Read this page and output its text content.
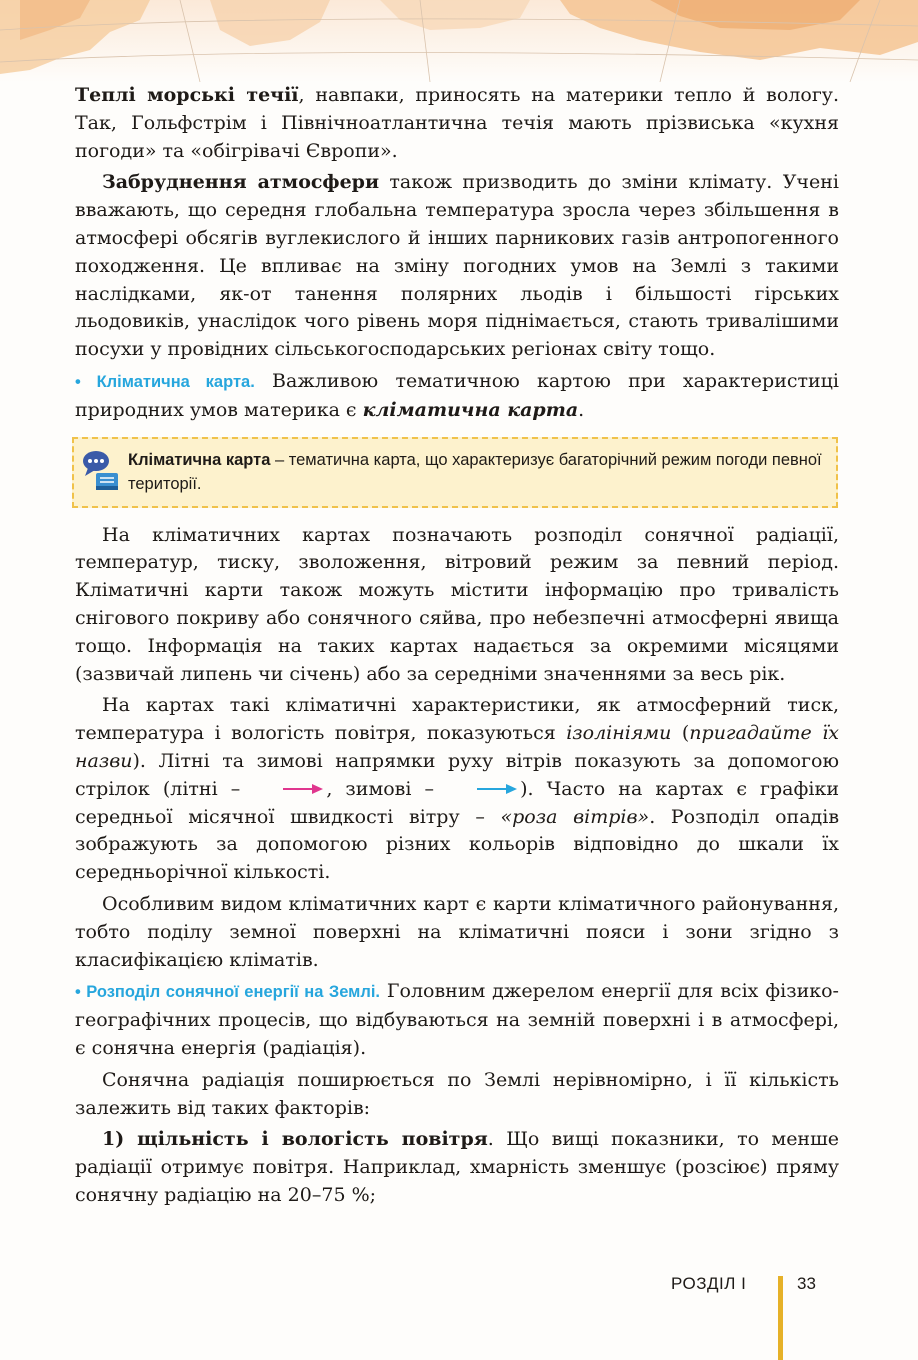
Теплі морські течії, навпаки, приносять на материки тепло й вологу. Так, Гольфстрім і Північноатлантична течія мають прізвиська «кухня погоди» та «обігрівачі Європи».

Забруднення атмосфери також призводить до зміни клімату. Учені вважають, що середня глобальна температура зросла через збільшення в атмосфері обсягів вуглекислого й інших парникових газів антропогенного походження. Це впливає на зміну погодних умов на Землі з такими наслідками, як-от танення полярних льодів і більшості гірських льодовиків, унаслідок чого рівень моря піднімається, стають тривалішими посухи у провідних сільськогосподарських регіонах світу тощо.

• Кліматична карта. Важливою тематичною картою при характеристиці природних умов материка є кліматична карта.

Кліматична карта – тематична карта, що характеризує багаторічний режим погоди певної території.

На кліматичних картах позначають розподіл сонячної радіації, температур, тиску, зволоження, вітровий режим за певний період. Кліматичні карти також можуть містити інформацію про тривалість снігового покриву або сонячного сяйва, про небезпечні атмосферні явища тощо. Інформація на таких картах надається за окремими місяцями (зазвичай липень чи січень) або за середніми значеннями за весь рік.

На картах такі кліматичні характеристики, як атмосферний тиск, температура і вологість повітря, показуються ізолініями (пригадайте їх назви). Літні та зимові напрямки руху вітрів показують за допомогою стрілок (літні –	, зимові –	). Часто на картах є графіки середньої місячної швидкості вітру – «роза вітрів». Розподіл опадів зображують за допомогою різних кольорів відповідно до шкали їх середньорічної кількості.

Особливим видом кліматичних карт є карти кліматичного районування, тобто поділу земної поверхні на кліматичні пояси і зони згідно з класифікацією кліматів.

• Розподіл сонячної енергії на Землі. Головним джерелом енергії для всіх фізико-географічних процесів, що відбуваються на земній поверхні і в атмосфері, є сонячна енергія (радіація).

Сонячна радіація поширюється по Землі нерівномірно, і її кількість залежить від таких факторів:

1) щільність і вологість повітря. Що вищі показники, то менше радіації отримує повітря. Наприклад, хмарність зменшує (розсіює) пряму сонячну радіацію на 20–75 %;

РОЗДІЛ I	33
